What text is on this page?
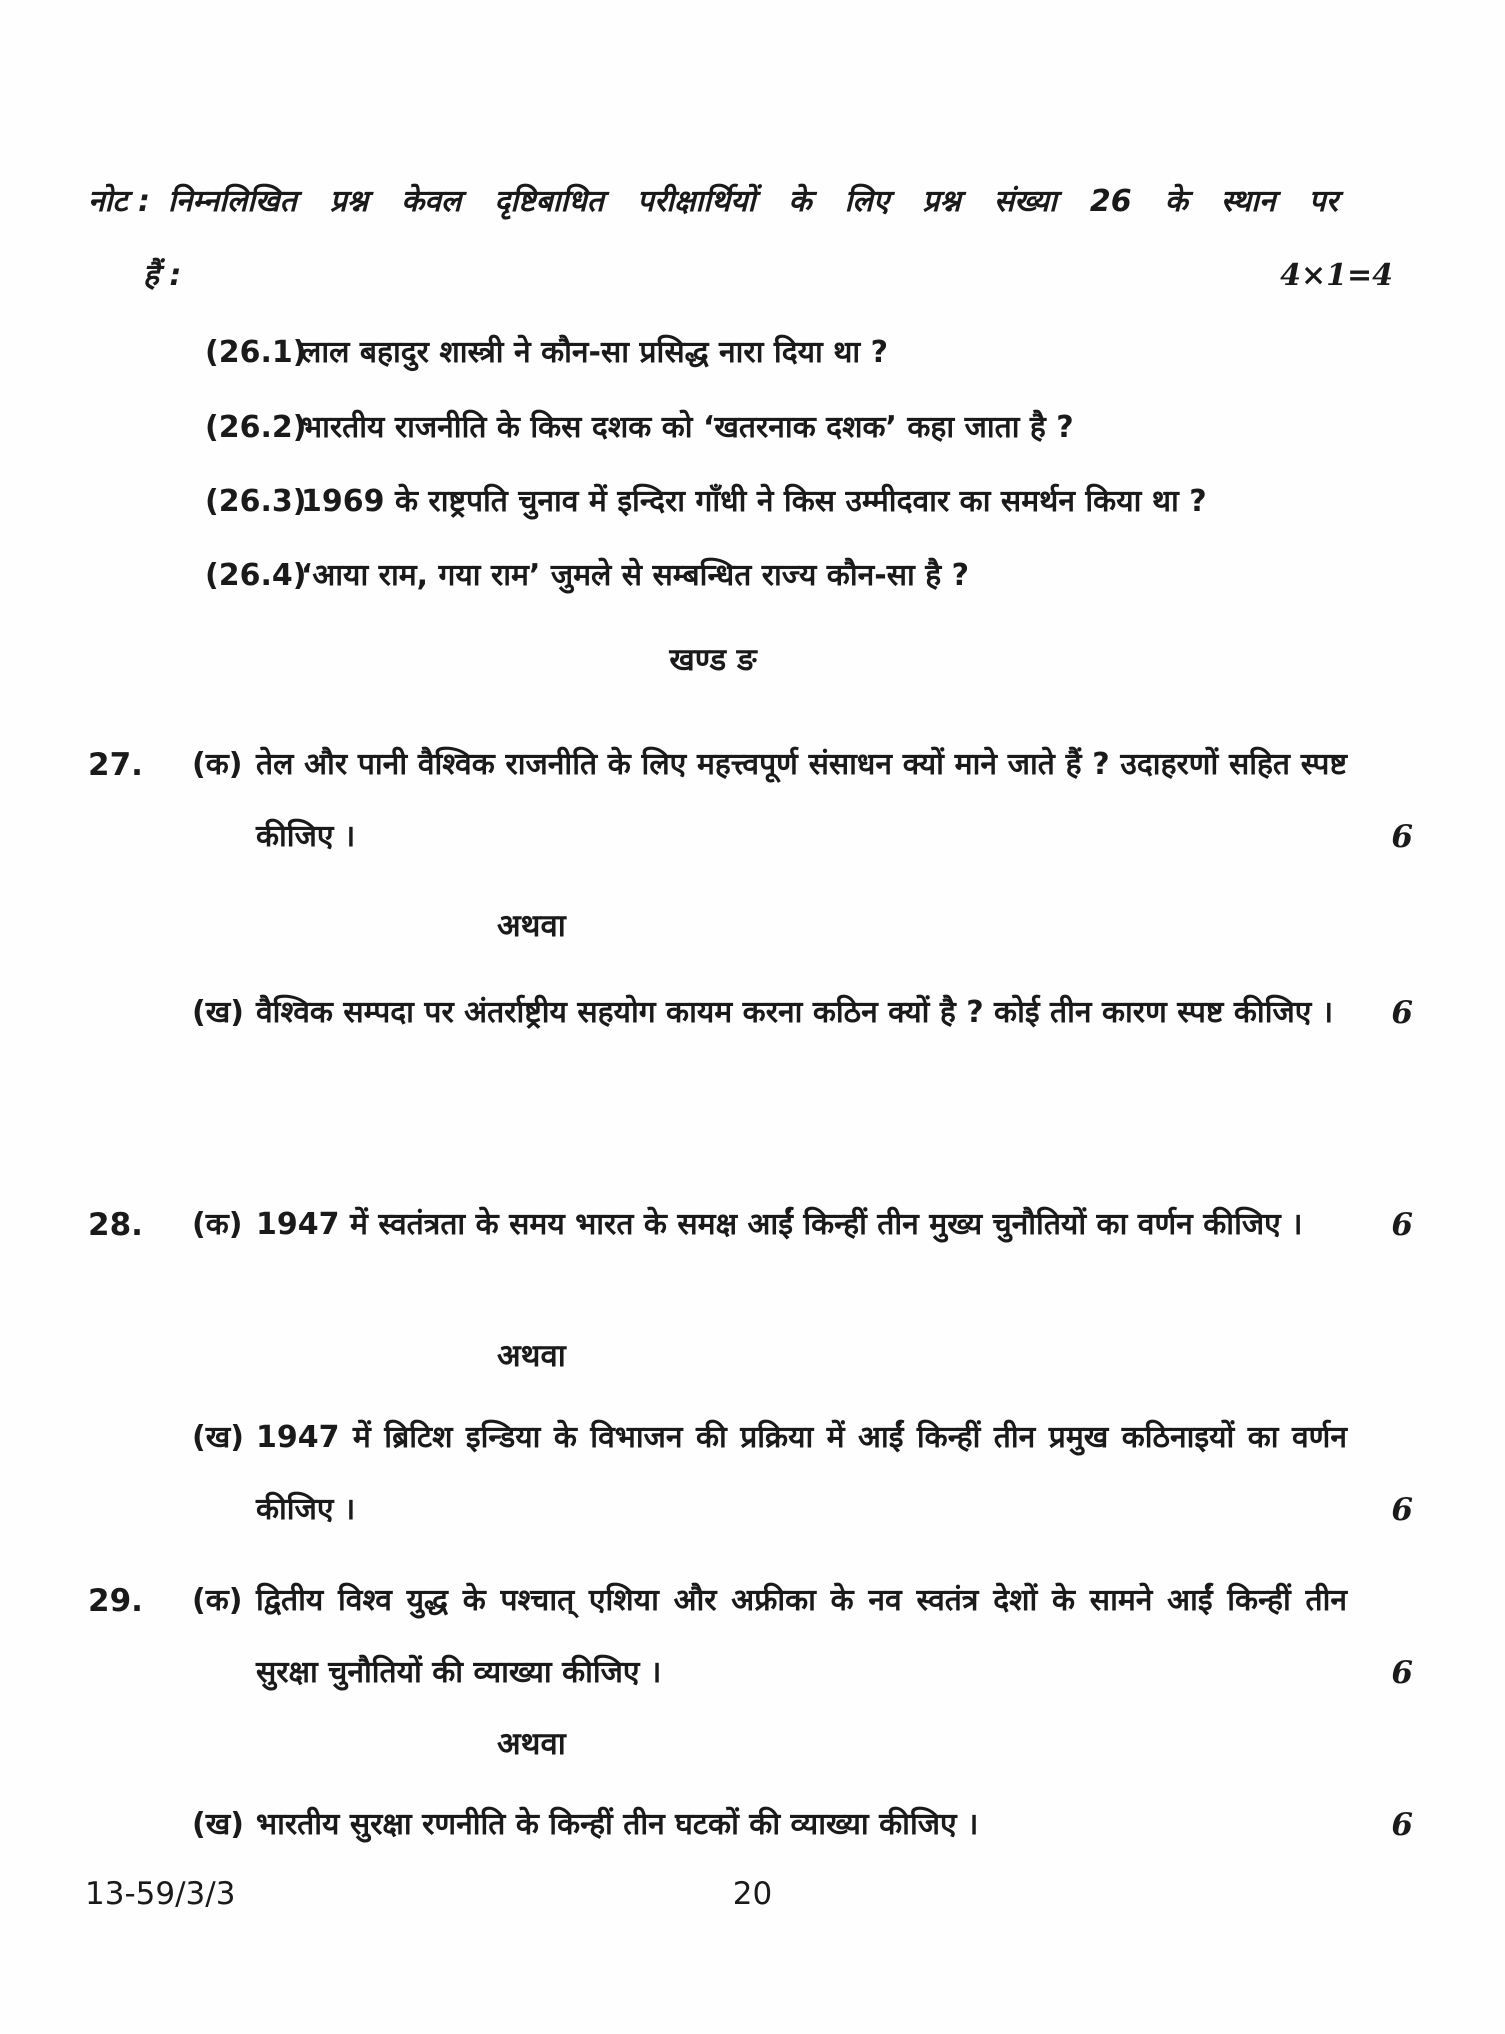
नोट : निम्नलिखित प्रश्न केवल दृष्टिबाधित परीक्षार्थियों के लिए प्रश्न संख्या 26 के स्थान पर
हैं :	4×1=4
(26.1)
लाल बहादुर शास्त्री ने कौन-सा प्रसिद्ध नारा दिया था ?
(26.2)
भारतीय राजनीति के किस दशक को ‘खतरनाक दशक’ कहा जाता है ?
(26.3)
1969 के राष्ट्रपति चुनाव में इन्दिरा गाँधी ने किस उम्मीदवार का समर्थन किया था ?
(26.4)
‘आया राम, गया राम’ जुमले से सम्बन्धित राज्य कौन-सा है ?
खण्ड ङ
27.	(क) तेल और पानी वैश्विक राजनीति के लिए महत्त्वपूर्ण संसाधन क्यों माने जाते हैं ? उदाहरणों सहित स्पष्ट कीजिए ।	6
अथवा
(ख) वैश्विक सम्पदा पर अंतर्राष्ट्रीय सहयोग कायम करना कठिन क्यों है ? कोई तीन कारण स्पष्ट कीजिए ।	6
28.	(क) 1947 में स्वतंत्रता के समय भारत के समक्ष आईं किन्हीं तीन मुख्य चुनौतियों का वर्णन कीजिए ।	6
अथवा
(ख) 1947 में ब्रिटिश इन्डिया के विभाजन की प्रक्रिया में आईं किन्हीं तीन प्रमुख कठिनाइयों का वर्णन कीजिए ।	6
29.	(क) द्वितीय विश्व युद्ध के पश्चात् एशिया और अफ्रीका के नव स्वतंत्र देशों के सामने आईं किन्हीं तीन सुरक्षा चुनौतियों की व्याख्या कीजिए ।	6
अथवा
(ख) भारतीय सुरक्षा रणनीति के किन्हीं तीन घटकों की व्याख्या कीजिए ।	6
13-59/3/3	20
